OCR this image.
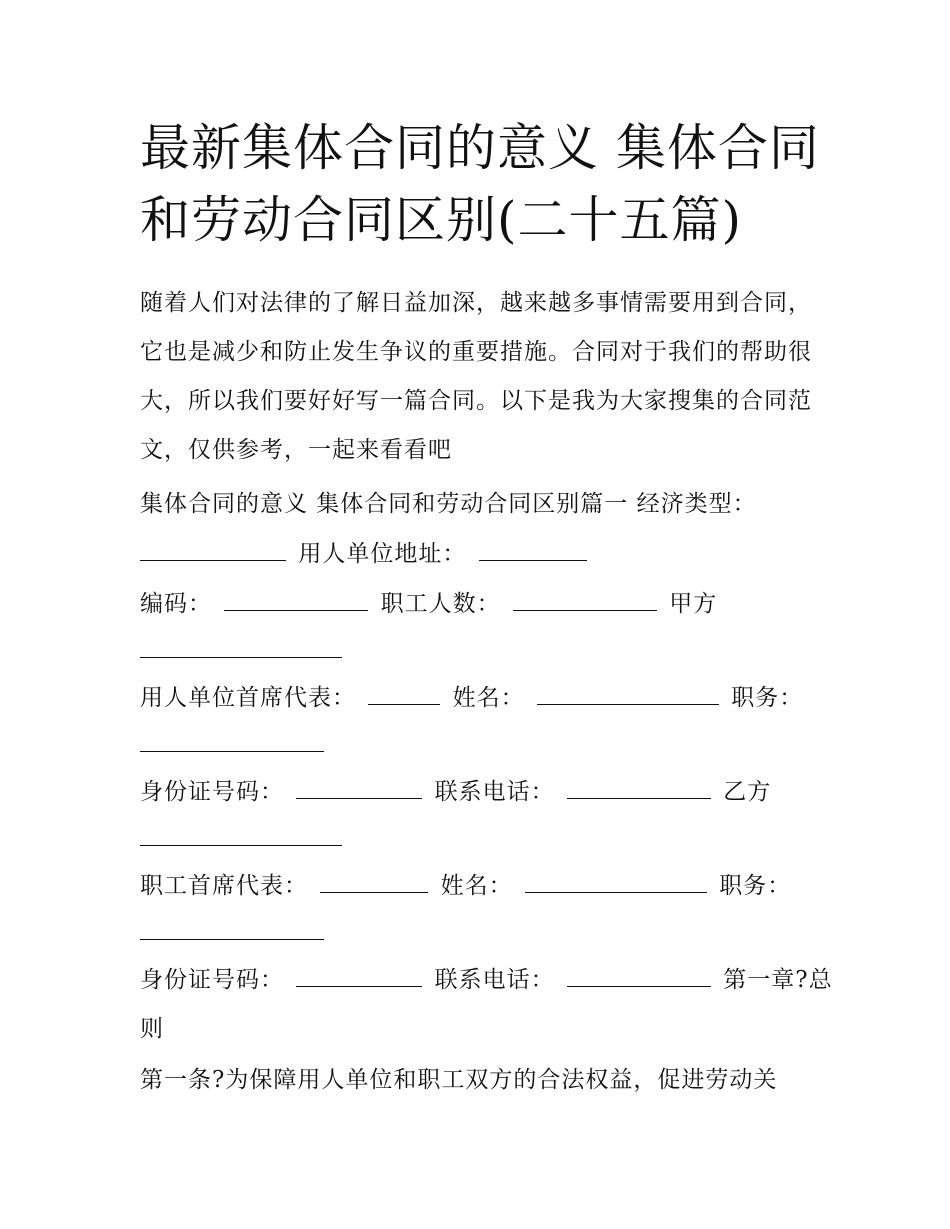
最新集体合同的意义 集体合同和劳动合同区别(二十五篇)

随着人们对法律的了解日益加深，越来越多事情需要用到合同，它也是减少和防止发生争议的重要措施。合同对于我们的帮助很大，所以我们要好好写一篇合同。以下是我为大家搜集的合同范文，仅供参考，一起来看看吧

集体合同的意义 集体合同和劳动合同区别篇一 经济类型：
用人单位地址：
编码：	职工人数：	甲方
用人单位首席代表：	姓名：	职务：
身份证号码：	联系电话：	乙方
职工首席代表：	姓名：	职务：
身份证号码：	联系电话：	第一章?总
则
第一条?为保障用人单位和职工双方的合法权益，促进劳动关
